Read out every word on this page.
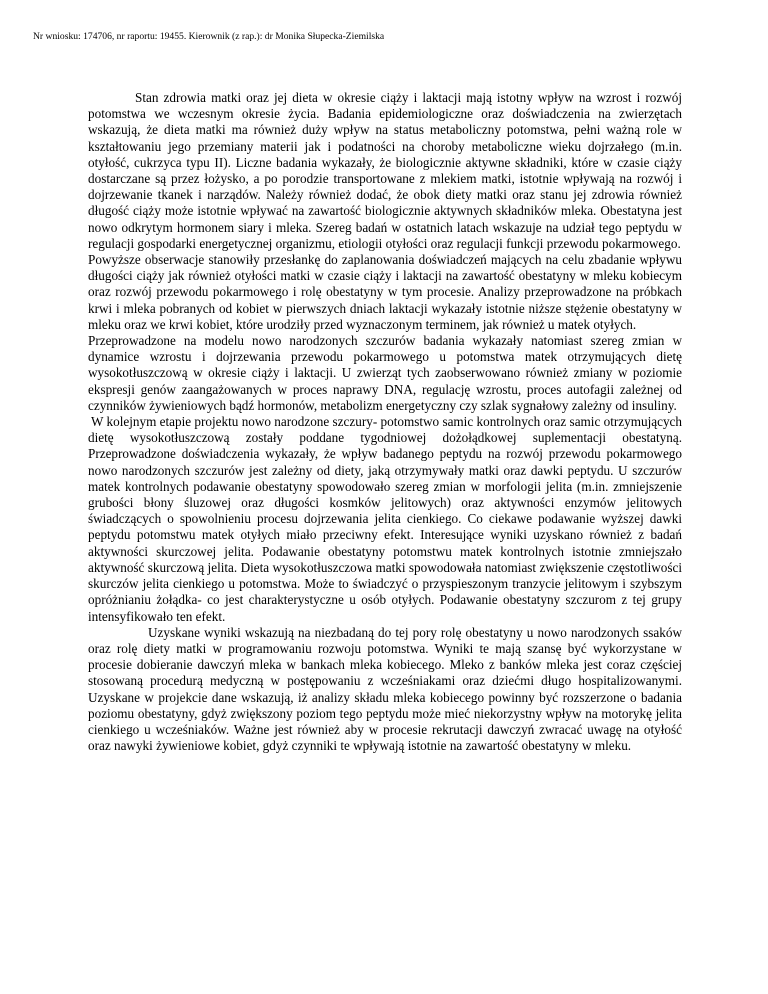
Nr wniosku: 174706, nr raportu: 19455. Kierownik (z rap.): dr Monika Słupecka-Ziemilska

Stan zdrowia matki oraz jej dieta w okresie ciąży i laktacji mają istotny wpływ na wzrost i rozwój potomstwa we wczesnym okresie życia. Badania epidemiologiczne oraz doświadczenia na zwierzętach wskazują, że dieta matki ma również duży wpływ na status metaboliczny potomstwa, pełni ważną role w kształtowaniu jego przemiany materii jak i podatności na choroby metaboliczne wieku dojrzałego (m.in. otyłość, cukrzyca typu II). Liczne badania wykazały, że biologicznie aktywne składniki, które w czasie ciąży dostarczane są przez łożysko, a po porodzie transportowane z mlekiem matki, istotnie wpływają na rozwój i dojrzewanie tkanek i narządów. Należy również dodać, że obok diety matki oraz stanu jej zdrowia również długość ciąży może istotnie wpływać na zawartość biologicznie aktywnych składników mleka. Obestatyna jest nowo odkrytym hormonem siary i mleka. Szereg badań w ostatnich latach wskazuje na udział tego peptydu w regulacji gospodarki energetycznej organizmu, etiologii otyłości oraz regulacji funkcji przewodu pokarmowego.

Powyższe obserwacje stanowiły przesłankę do zaplanowania doświadczeń mających na celu zbadanie wpływu długości ciąży jak również otyłości matki w czasie ciąży i laktacji na zawartość obestatyny w mleku kobiecym oraz rozwój przewodu pokarmowego i rolę obestatyny w tym procesie. Analizy przeprowadzone na próbkach krwi i mleka pobranych od kobiet w pierwszych dniach laktacji wykazały istotnie niższe stężenie obestatyny w mleku oraz we krwi kobiet, które urodziły przed wyznaczonym terminem, jak również u matek otyłych.

Przeprowadzone na modelu nowo narodzonych szczurów badania wykazały natomiast szereg zmian w dynamice wzrostu i dojrzewania przewodu pokarmowego u potomstwa matek otrzymujących dietę wysokotłuszczową w okresie ciąży i laktacji. U zwierząt tych zaobserwowano również zmiany w poziomie ekspresji genów zaangażowanych w proces naprawy DNA, regulację wzrostu, proces autofagii zależnej od czynników żywieniowych bądź hormonów, metabolizm energetyczny czy szlak sygnałowy zależny od insuliny.

W kolejnym etapie projektu nowo narodzone szczury- potomstwo samic kontrolnych oraz samic otrzymujących dietę wysokotłuszczową zostały poddane tygodniowej dożołądkowej suplementacji obestatyną. Przeprowadzone doświadczenia wykazały, że wpływ badanego peptydu na rozwój przewodu pokarmowego nowo narodzonych szczurów jest zależny od diety, jaką otrzymywały matki oraz dawki peptydu. U szczurów matek kontrolnych podawanie obestatyny spowodowało szereg zmian w morfologii jelita (m.in. zmniejszenie grubości błony śluzowej oraz długości kosmków jelitowych) oraz aktywności enzymów jelitowych świadczących o spowolnieniu procesu dojrzewania jelita cienkiego. Co ciekawe podawanie wyższej dawki peptydu potomstwu matek otyłych miało przeciwny efekt. Interesujące wyniki uzyskano również z badań aktywności skurczowej jelita. Podawanie obestatyny potomstwu matek kontrolnych istotnie zmniejszało aktywność skurczową jelita. Dieta wysokotłuszczowa matki spowodowała natomiast zwiększenie częstotliwości skurczów jelita cienkiego u potomstwa. Może to świadczyć o przyspieszonym tranzycie jelitowym i szybszym opróżnianiu żołądka- co jest charakterystyczne u osób otyłych. Podawanie obestatyny szczurom z tej grupy intensyfikowało ten efekt.

Uzyskane wyniki wskazują na niezbadaną do tej pory rolę obestatyny u nowo narodzonych ssaków oraz rolę diety matki w programowaniu rozwoju potomstwa. Wyniki te mają szansę być wykorzystane w procesie dobieranie dawczyń mleka w bankach mleka kobiecego. Mleko z banków mleka jest coraz częściej stosowaną procedurą medyczną w postępowaniu z wcześniakami oraz dziećmi długo hospitalizowanymi. Uzyskane w projekcie dane wskazują, iż analizy składu mleka kobiecego powinny być rozszerzone o badania poziomu obestatyny, gdyż zwiększony poziom tego peptydu może mieć niekorzystny wpływ na motorykę jelita cienkiego u wcześniaków. Ważne jest również aby w procesie rekrutacji dawczyń zwracać uwagę na otyłość oraz nawyki żywieniowe kobiet, gdyż czynniki te wpływają istotnie na zawartość obestatyny w mleku.
